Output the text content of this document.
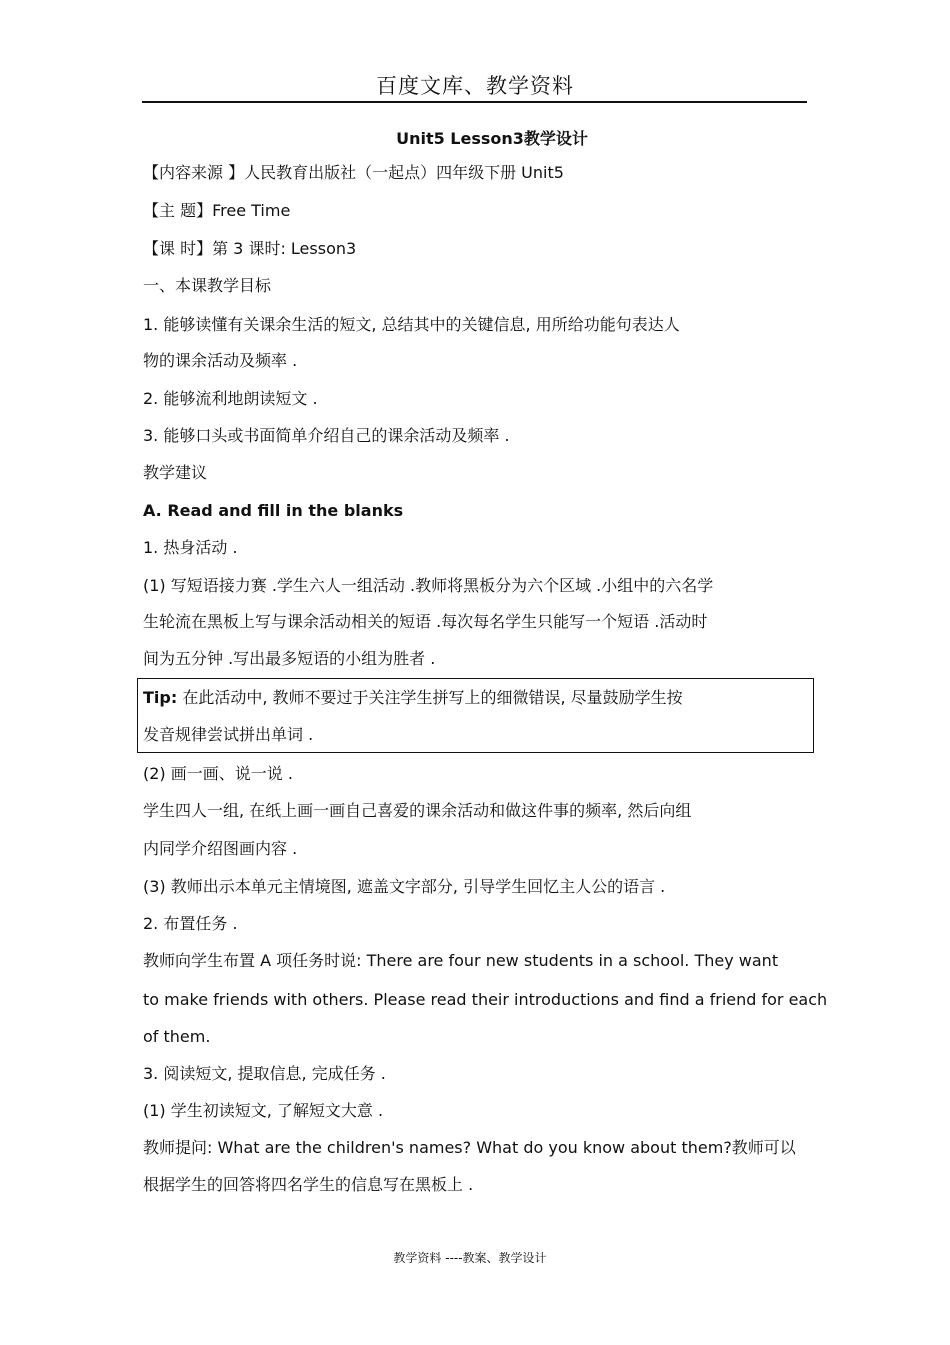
百度文库、教学资料
Unit5 Lesson3教学设计
【内容来源 】人民教育出版社（一起点）四年级下册 Unit5
【主 题】Free Time
【课 时】第 3 课时: Lesson3
一、本课教学目标
1. 能够读懂有关课余生活的短文, 总结其中的关键信息, 用所给功能句表达人
物的课余活动及频率 .
2. 能够流利地朗读短文 .
3. 能够口头或书面简单介绍自己的课余活动及频率 .
教学建议
A. Read and fill in the blanks
1. 热身活动 .
(1) 写短语接力赛 .学生六人一组活动 .教师将黑板分为六个区域 .小组中的六名学
生轮流在黑板上写与课余活动相关的短语 .每次每名学生只能写一个短语 .活动时
间为五分钟 .写出最多短语的小组为胜者 .
Tip: 在此活动中, 教师不要过于关注学生拼写上的细微错误, 尽量鼓励学生按
发音规律尝试拼出单词 .
(2) 画一画、说一说 .
学生四人一组, 在纸上画一画自己喜爱的课余活动和做这件事的频率, 然后向组
内同学介绍图画内容 .
(3) 教师出示本单元主情境图, 遮盖文字部分, 引导学生回忆主人公的语言 .
2. 布置任务 .
教师向学生布置 A 项任务时说: There are four new students in a school. They want
to make friends with others. Please read their introductions and find a friend for each
of them.
3. 阅读短文, 提取信息, 完成任务 .
(1) 学生初读短文, 了解短文大意 .
教师提问: What are the children's names? What do you know about them?教师可以
根据学生的回答将四名学生的信息写在黑板上 .
教学资料 ----教案、教学设计
